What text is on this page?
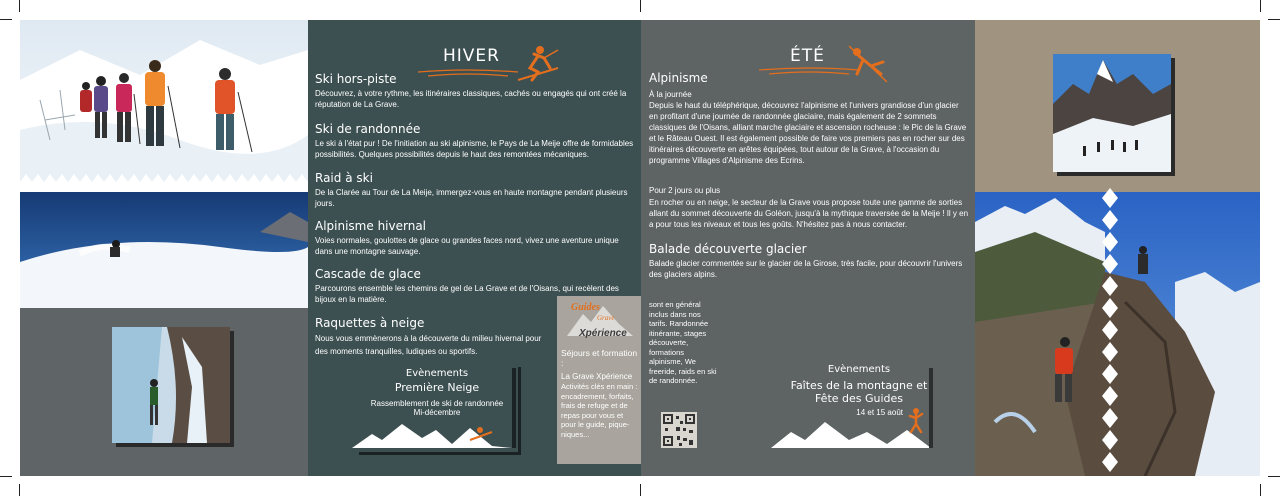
HIVER

Ski hors-piste

Découvrez, à votre rythme, les itinéraires classiques, cachés ou engagés qui ont créé la réputation de La Grave.

Ski de randonnée

Le ski à l'état pur ! De l'initiation au ski alpinisme, le Pays de La Meije offre de formidables possibilités. Quelques possibilités depuis le haut des remontées mécaniques.

Raid à ski

De la Clarée au Tour de La Meije, immergez-vous en haute montagne pendant plusieurs jours.

Alpinisme hivernal

Voies normales, goulottes de glace ou grandes faces nord, vivez une aventure unique dans une montagne sauvage.

Cascade de glace

Parcourons ensemble les chemins de gel de La Grave et de l'Oisans, qui recèlent des bijoux en la matière.

Raquettes à neige

Nous vous emmènerons à la découverte du milieu hivernal pour des moments tranquilles, ludiques ou sportifs.

Evènements
Première Neige
Rassemblement de ski de randonnée
Mi-décembre
ÉTÉ

Alpinisme

À la journée

Depuis le haut du téléphérique, découvrez l'alpinisme et l'univers grandiose d'un glacier en profitant d'une journée de randonnée glaciaire, mais également de 2 sommets classiques de l'Oisans, alliant marche glaciaire et ascension rocheuse : le Pic de la Grave et le Râteau Ouest. Il est également possible de faire vos premiers pas en rocher sur des itinéraires découverte en arêtes équipées, tout autour de la Grave, à l'occasion du programme Villages d'Alpinisme des Ecrins.

Pour 2 jours ou plus

En rocher ou en neige, le secteur de la Grave vous propose toute une gamme de sorties allant du sommet découverte du Goléon, jusqu'à la mythique traversée de la Meije ! Il y en a pour tous les niveaux et tous les goûts. N'hésitez pas à nous contacter.

Balade découverte glacier

Balade glacier commentée sur le glacier de la Girose, très facile, pour découvrir l'univers des glaciers alpins.

Guides
Grave
Xpérience
Séjours et formation :
La Grave Xpérience
Activités clés en main : encadrement, forfaits, frais de refuge et de repas pour vous et pour le guide, pique-niques...
sont en général inclus dans nos tarifs. Randonnée itinérante, stages découverte, formations alpinisme, We freeride, raids en ski de randonnée.
Evènements
Faîtes de la montagne et
Fête des Guides
14 et 15 août
